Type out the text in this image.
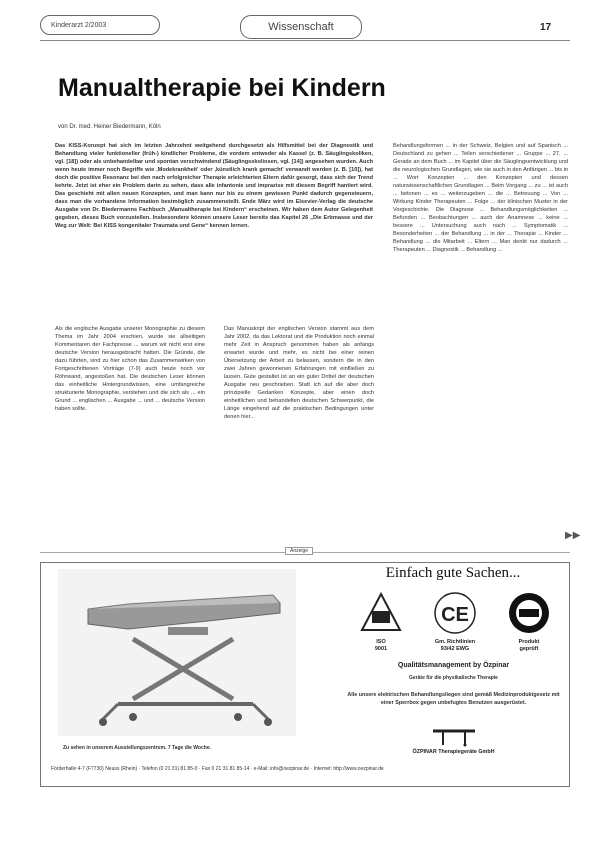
Kinderarzt 2/2003	Wissenschaft	17
Manualtherapie bei Kindern
von Dr. med. Heiner Biedermann, Köln

Das KISS-Konzept hat sich im letzten Jahrzehnt weitgehend durchgesetzt als Hilfsmittel bei der Diagnostik und Behandlung vieler funktioneller (früh-) kindlicher Probleme, die vordem entweder als Kassel (z. B. Säuglingskoliken, vgl. [18]) oder als unbehandelbar und spontan verschwindend (Säuglingsskoliosen, vgl. [14]) angesehen wurden. Auch wenn heute immer noch Begriffe wie ‚Modekrankheit' oder ‚künstlich krank gemacht' verwandt werden (z. B. [10]), hat doch die positive Resonanz bei den nach erfolgreicher Therapie erleichterten Eltern dafür gesorgt, dass sich der Trend kehrte. Jetzt ist eher ein Problem darin zu sehen, dass alle infantonie und imprazise mit diesem Begriff hantiert wird. Das geschieht mit allen neuen Konzepten, und man kann nur bis zu einem gewissen Punkt dadurch gegensteuern, dass man die vorhandene Information bestmöglich zusammenstellt. Ende März wird im Elsevier-Verlag die deutsche Ausgabe von Dr. Biedermanns Fachbuch „Manualtherapie bei Kindern“ erscheinen. Wir haben dem Autor Gelegenheit gegeben, dieses Buch vorzustellen. Insbesondere können unsere Leser bereits das Kapitel 26 „Die Erbmasse und der Weg zur Welt: Bei KISS kongenitaler Traumata und Gene“ kennen lernen.

Als die englische Ausgabe unserer Monographie zu diesem Thema im Jahr 2004 erschien, wurde sie allseitigen Kommentaren der Fachpresse ... warum wir nicht erst eine deutsche Version herausgebracht hatten. Die Gründe, die dazu führten, sind zu hier schon das Zusammenwirken von Fortgeschrittenen Vorträge (7-9) auch heute noch vor Röhrwand, angestoßen hat. Die deutschen Leser können das einheitliche Hintergrundwissen, eine umfangreiche strukturierte Monographie, verstehen und die sich als ... ein Grund ... englischen ... Ausgabe ... und ... deutsche Version haben sollte.

Das Manuskript der englischen Version stammt aus dem Jahr 2002, da das Lektorat und die Produktion noch einmal mehr Zeit in Anspruch genommen haben als anfangs erwartet wurde und mehr, es nicht bei einer reinen Übersetzung der Arbeit zu belassen, sondern die in den zwei Jahren gewonnenen Erfahrungen mit einfließen zu lassen. Gute gestaltet ist an ein guter Drittel der deutschen Ausgabe neu geschrieben. Statt ich auf die aber doch prinzipielle Gedanken Konzepte, aber einen doch einheitlichen und behandelten deutschen Schwerpunkt, die Länge eingehend auf die praktischen Bedingungen unter denen hier...

Behandlungsformen ... in der Schweiz, Belgien und auf Spanisch ... Deutschland zu gehen ... Teilen verschiedener ... Gruppe ... 27. ... Gerade an dem Buch ... im Kapitel über die Säuglingsentwicklung und die neurologischen Grundlagen, wie sie auch in den Anfängen ... bis in ... Wort Konzepten ... den Konzepten und dessen naturwissenschaftlichen Grundlagen ... Beim Vorgang ... zu ... ist auch ... betonen ... es ... weiterzugeben ... die ... Betreuung ... Von ... Wirkung Kinder Therapeuten ... Folge ... der klinischen Muster in der Vorgeschichte. Die Diagnose ... Behandlungsmöglichkeiten ... Befunden ... Beobachtungen ... auch der Anamnese ... keine ... bessere ... Untersuchung auch nach ... Symptomatik ... Besonderheiten ... der Behandlung ... in der ... Therapie ... Kinder ... Behandlung ... die Mitarbeit ... Eltern ... Man denkt nur dadurch ... Therapeuten ... Diagnostik ... Behandlung ...

▶▶
Anzeige
Einfach gute Sachen...
CE
ISO
9001
Gm. Richtlinien
93/42 EWG
Produkt
geprüft
Qualitätsmanagement by Özpinar
Geräte für die physikalische Therapie
Alle unsere elektrischen Behandlungsliegen sind gemäß Medizinproduktgesetz mit einer Sperrbox gegen unbefugtes Benutzen ausgerüstet.
ÖZPINAR Therapiegeräte GmbH
Zu sehen in unserem Ausstellungszentrum. 7 Tage die Woche.
Förderhalle 4-7 (F7730) Neuss (Rhein) · Telefon (0 21 31) 81 85-0 · Fax 0 21 31 81 85-14 · e-Mail: info@oezpinar.de · Internet: http://www.oezpinar.de
